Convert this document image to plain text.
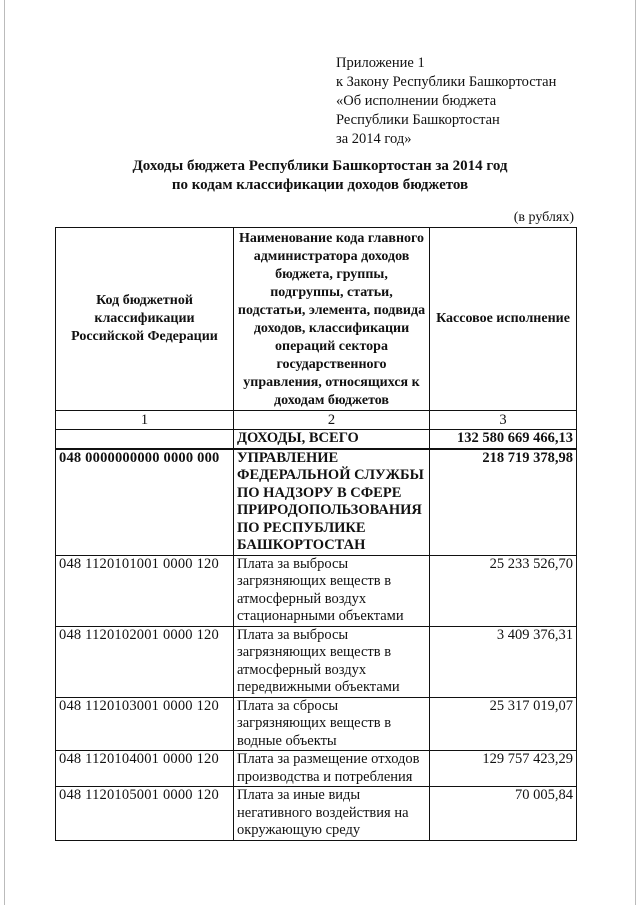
Приложение 1
к Закону Республики Башкортостан
«Об исполнении бюджета
Республики Башкортостан
за 2014 год»
Доходы бюджета Республики Башкортостан за 2014 год
по кодам классификации доходов бюджетов
(в рублях)
Код бюджетной классификации Российской Федерации	Наименование кода главного администратора доходов бюджета, группы, подгруппы, статьи, подстатьи, элемента, подвида доходов, классификации операций сектора государственного управления, относящихся к доходам бюджетов	Кассовое исполнение
1	2	3
	ДОХОДЫ, ВСЕГО	132 580 669 466,13
048 0000000000 0000 000	УПРАВЛЕНИЕ ФЕДЕРАЛЬНОЙ СЛУЖБЫ ПО НАДЗОРУ В СФЕРЕ ПРИРОДОПОЛЬЗОВАНИЯ ПО РЕСПУБЛИКЕ БАШКОРТОСТАН	218 719 378,98
048 1120101001 0000 120	Плата за выбросы загрязняющих веществ в атмосферный воздух стационарными объектами	25 233 526,70
048 1120102001 0000 120	Плата за выбросы загрязняющих веществ в атмосферный воздух передвижными объектами	3 409 376,31
048 1120103001 0000 120	Плата за сбросы загрязняющих веществ в водные объекты	25 317 019,07
048 1120104001 0000 120	Плата за размещение отходов производства и потребления	129 757 423,29
048 1120105001 0000 120	Плата за иные виды негативного воздействия на окружающую среду	70 005,84
